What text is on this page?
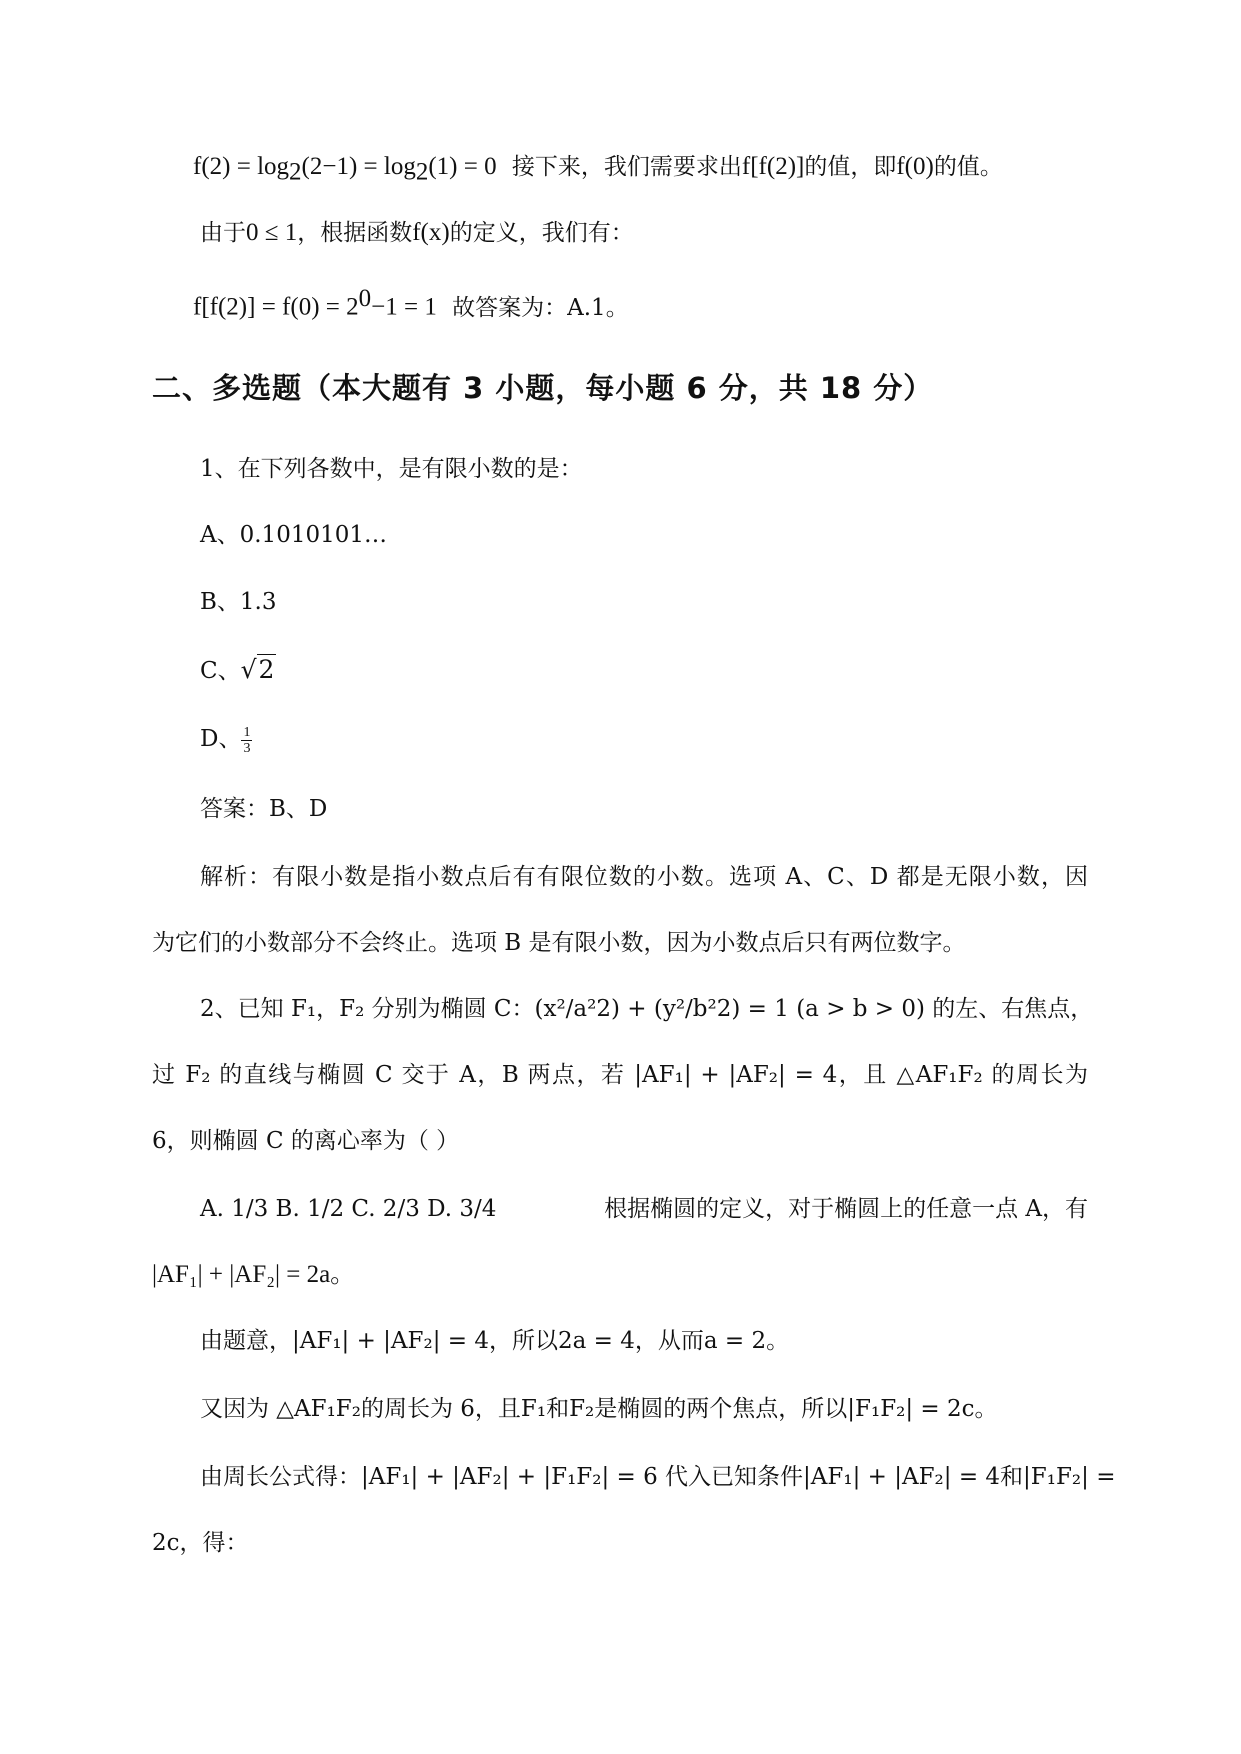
$f(2) = \log_2(2-1) = \log_2(1) = 0$ 接下来，我们需要求出f[f(2)]的值，即f(0)的值。
由于0 ≤ 1，根据函数f(x)的定义，我们有：
$f[f(2)] = f(0) = 2^0-1 = 1$ 故答案为：A.1。
二、多选题（本大题有 3 小题，每小题 6 分，共 18 分）
1、在下列各数中，是有限小数的是：
A、0.1010101…
B、1.3
C、√2
D、 $\frac{1}{3}$
答案：B、D
解析：有限小数是指小数点后有有限位数的小数。选项 A、C、D 都是无限小数，因
为它们的小数部分不会终止。选项 B 是有限小数，因为小数点后只有两位数字。
2、已知 F₁，F₂ 分别为椭圆 C：(x²/a²2) + (y²/b²2) = 1 (a > b > 0) 的左、右焦点，
过 F₂ 的直线与椭圆 C 交于 A，B 两点，若 |AF₁| + |AF₂| = 4，且 △AF₁F₂ 的周长为
6，则椭圆 C 的离心率为（ ）
A. 1/3 B. 1/2 C. 2/3 D. 3/4	根据椭圆的定义，对于椭圆上的任意一点 A，有
|AF₁| + |AF₂| = 2a。
由题意，|AF₁| + |AF₂| = 4，所以2a = 4，从而a = 2。
又因为 △AF₁F₂的周长为 6，且F₁和F₂是椭圆的两个焦点，所以|F₁F₂| = 2c。
由周长公式得：|AF₁| + |AF₂| + |F₁F₂| = 6 代入已知条件|AF₁| + |AF₂| = 4和|F₁F₂| =
2c，得：
